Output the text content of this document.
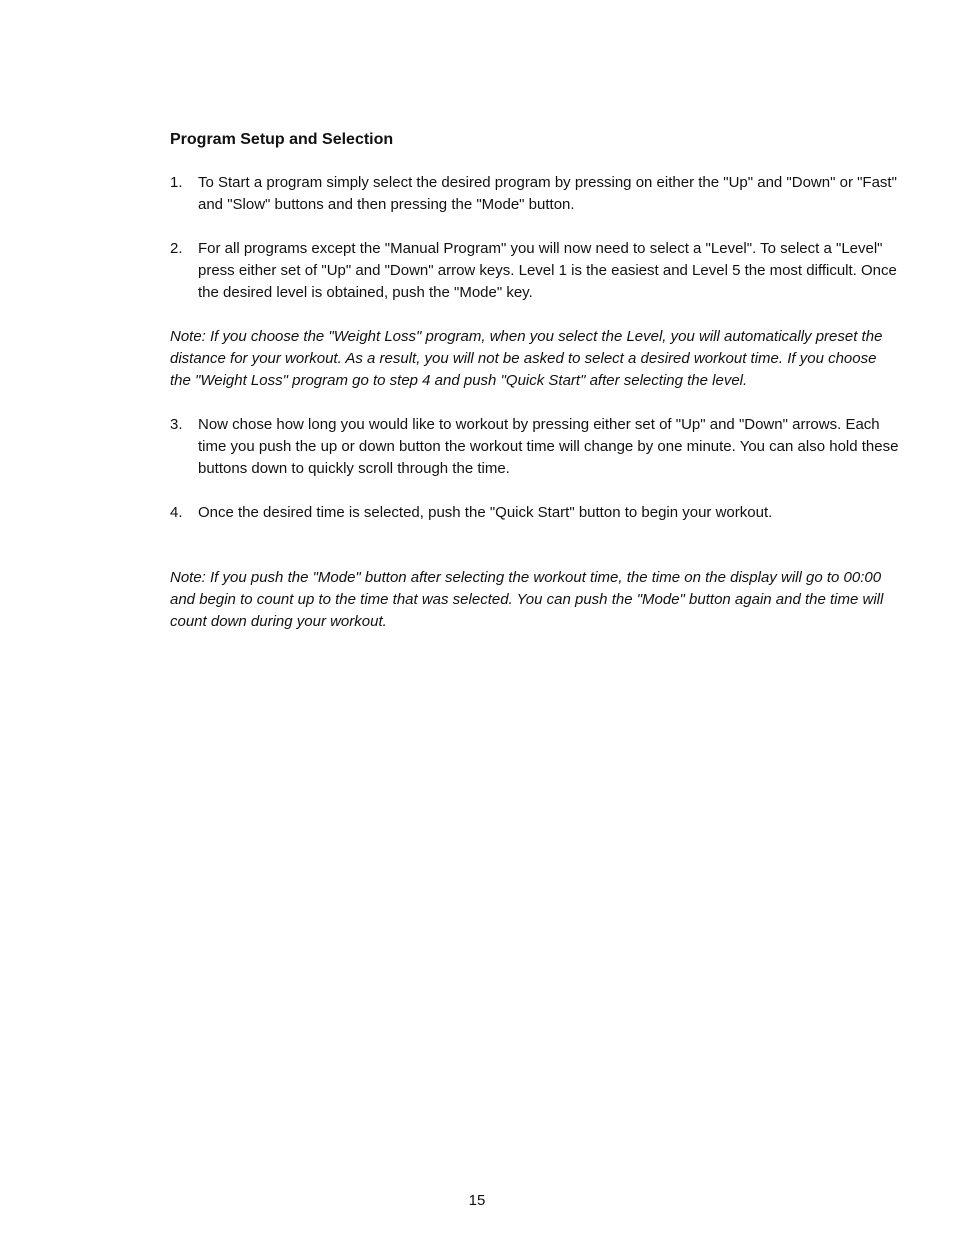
Program Setup and Selection
1.	To Start a program simply select the desired program by pressing on either the "Up" and "Down" or "Fast" and "Slow" buttons and then pressing the "Mode" button.
2.	For all programs except the "Manual Program" you will now need to select a "Level". To select a "Level" press either set of "Up" and "Down" arrow keys. Level 1 is the easiest and Level 5 the most difficult. Once the desired level is obtained, push the "Mode" key.
Note: If you choose the "Weight Loss" program, when you select the Level, you will automatically preset the distance for your workout. As a result, you will not be asked to select a desired workout time. If you choose the "Weight Loss" program go to step 4 and push "Quick Start" after selecting the level.
3.	Now chose how long you would like to workout by pressing either set of "Up" and "Down" arrows. Each time you push the up or down button the workout time will change by one minute. You can also hold these buttons down to quickly scroll through the time.
4.	Once the desired time is selected, push the "Quick Start" button to begin your workout.
Note: If you push the "Mode" button after selecting the workout time, the time on the display will go to 00:00 and begin to count up to the time that was selected. You can push the "Mode" button again and the time will count down during your workout.
15
